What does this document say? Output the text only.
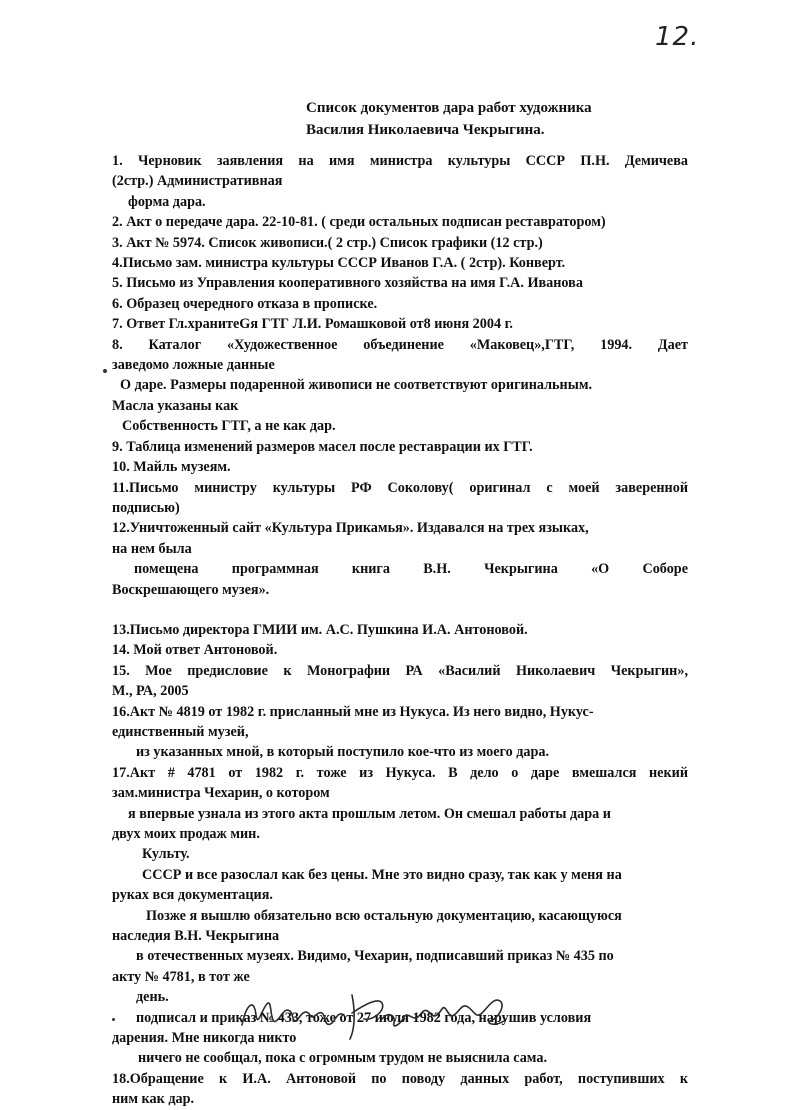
12.
Список документов дара работ художника
Василия Николаевича Чекрыгина.
1. Черновик заявления на имя министра культуры СССР П.Н. Демичева
(2стр.) Административная
форма дара.
2. Акт о передаче дара. 22-10-81. ( среди остальных подписан реставратором)
3. Акт № 5974. Список живописи.( 2 стр.) Список графики (12 стр.)
4.Письмо зам. министра культуры СССР Иванов Г.А. ( 2стр). Конверт.
5. Письмо из Управления кооперативного хозяйства на имя Г.А. Иванова
6. Образец очередного отказа в прописке.
7. Ответ Гл.хранитеGя ГТГ Л.И. Ромашковой от8 июня 2004 г.
8. Каталог «Художественное объединение «Маковец»,ГТГ, 1994. Дает
заведомо ложные данные
О даре. Размеры подаренной живописи не соответствуют оригинальным.
Масла указаны как
Собственность ГТГ, а не как дар.
9. Таблица изменений размеров масел после реставрации их ГТГ.
10. Майль музеям.
11.Письмо министру культуры РФ Соколову( оригинал с моей заверенной
подписью)
12.Уничтоженный сайт «Культура Прикамья». Издавался на трех языках,
на нем была
помещена программная книга В.Н. Чекрыгина «О Соборе
Воскрешающего музея».
13.Письмо директора ГМИИ им. А.С. Пушкина И.А. Антоновой.
14. Мой ответ Антоновой.
15. Мое предисловие к Монографии РА «Василий Николаевич Чекрыгин»,
М., РА, 2005
16.Акт № 4819 от 1982 г. присланный мне из Нукуса. Из него видно, Нукус-
единственный музей,
из указанных мной, в который поступило кое-что из моего дара.
17.Акт # 4781 от 1982 г. тоже из Нукуса. В дело о даре вмешался некий
зам.министра Чехарин, о котором
я впервые узнала из этого акта прошлым летом. Он смешал работы дара и
двух моих продаж мин.
Культу.
СССР и все разослал как без цены. Мне это видно сразу, так как у меня на
руках вся документация.
Позже я вышлю обязательно всю остальную документацию, касающуюся
наследия В.Н. Чекрыгина
в отечественных музеях. Видимо, Чехарин, подписавший приказ № 435 по
акту № 4781, в тот же
день.
подписал и приказ № 433, тоже от 27 июля 1982 года, нарушив условия
дарения. Мне никогда никто
ничего не сообщал, пока с огромным трудом не выяснила сама.
18.Обращение к И.А. Антоновой по поводу данных работ, поступивших к
ним как дар.
